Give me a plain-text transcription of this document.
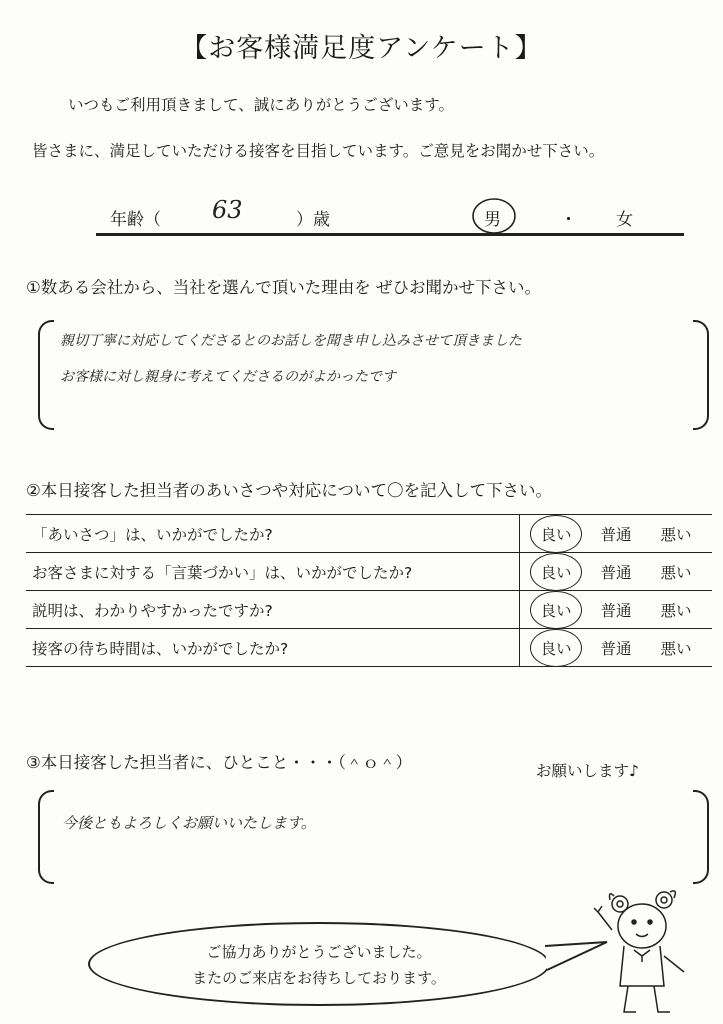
【お客様満足度アンケート】
いつもご利用頂きまして、誠にありがとうございます。
皆さまに、満足していただける接客を目指しています。ご意見をお聞かせ下さい。
年齢（ 63	）歳	男	・ 女
①数ある会社から、当社を選んで頂いた理由を ぜひお聞かせ下さい。
親切丁寧に対応してくださるとのお話しを聞き申し込みさせて頂きました
お客様に対し親身に考えてくださるのがよかったです
②本日接客した担当者のあいさつや対応について〇を記入して下さい。
「あいさつ」は、いかがでしたか?	良い 普通 悪い

お客さまに対する「言葉づかい」は、いかがでしたか?	良い 普通 悪い

説明は、わかりやすかったですか?	良い 普通 悪い

接客の待ち時間は、いかがでしたか?	良い 普通 悪い
③本日接客した担当者に、ひとこと・・・（＾ｏ＾）	お願いします♪
今後ともよろしくお願いいたします。
ご協力ありがとうございました。
またのご来店をお待ちしております。
